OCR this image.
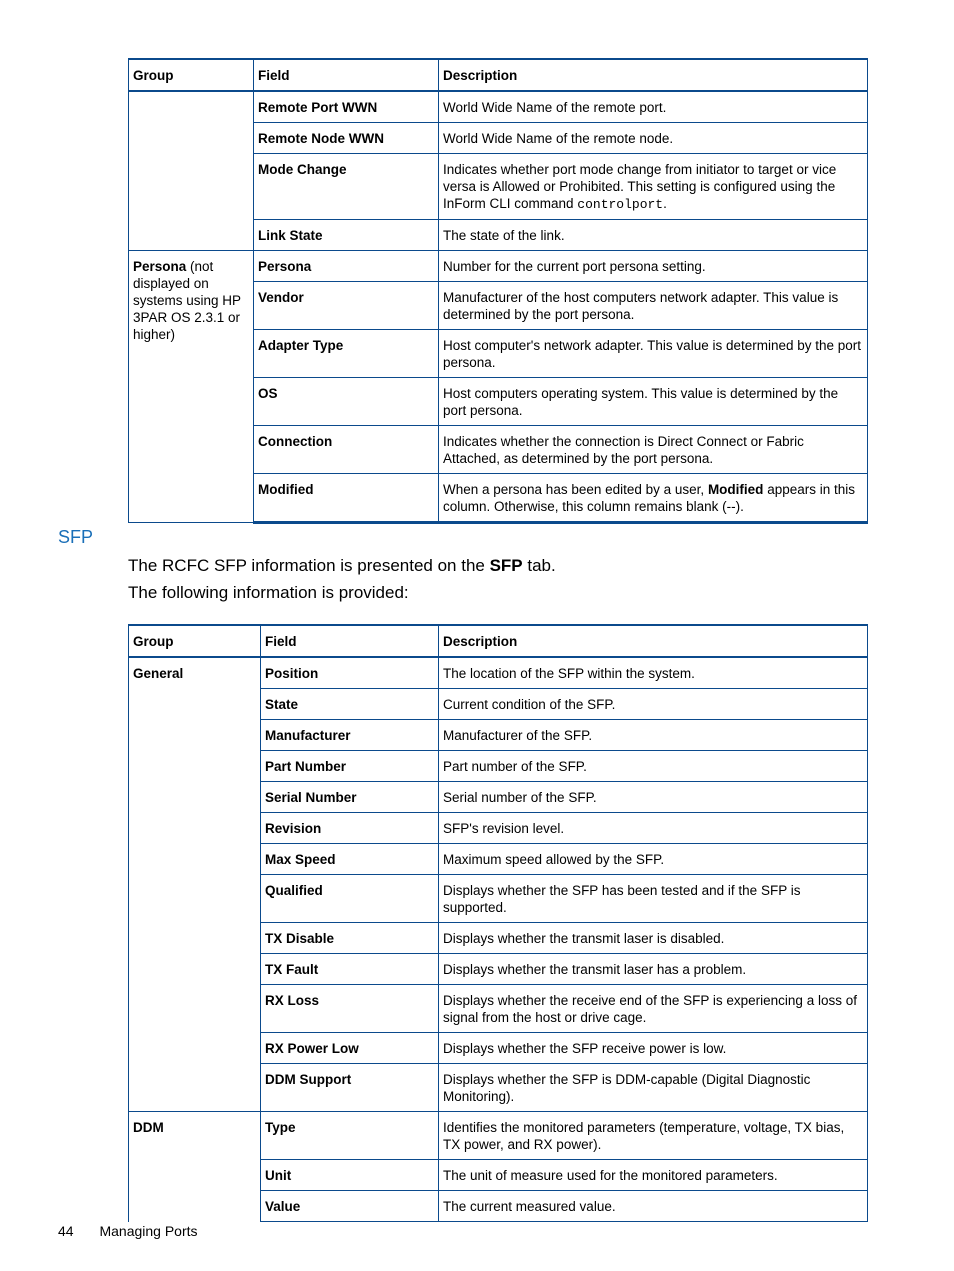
Group	Field	Description
	Remote Port WWN	World Wide Name of the remote port.
	Remote Node WWN	World Wide Name of the remote node.
	Mode Change	Indicates whether port mode change from initiator to target or vice versa is Allowed or Prohibited. This setting is configured using the InForm CLI command controlport.
	Link State	The state of the link.
Persona (not displayed on systems using HP 3PAR OS 2.3.1 or higher)	Persona	Number for the current port persona setting.
	Vendor	Manufacturer of the host computers network adapter. This value is determined by the port persona.
	Adapter Type	Host computer's network adapter. This value is determined by the port persona.
	OS	Host computers operating system. This value is determined by the port persona.
	Connection	Indicates whether the connection is Direct Connect or Fabric Attached, as determined by the port persona.
	Modified	When a persona has been edited by a user, Modified appears in this column. Otherwise, this column remains blank (--).
SFP

The RCFC SFP information is presented on the SFP tab.

The following information is provided:

Group	Field	Description
General	Position	The location of the SFP within the system.
	State	Current condition of the SFP.
	Manufacturer	Manufacturer of the SFP.
	Part Number	Part number of the SFP.
	Serial Number	Serial number of the SFP.
	Revision	SFP's revision level.
	Max Speed	Maximum speed allowed by the SFP.
	Qualified	Displays whether the SFP has been tested and if the SFP is supported.
	TX Disable	Displays whether the transmit laser is disabled.
	TX Fault	Displays whether the transmit laser has a problem.
	RX Loss	Displays whether the receive end of the SFP is experiencing a loss of signal from the host or drive cage.
	RX Power Low	Displays whether the SFP receive power is low.
	DDM Support	Displays whether the SFP is DDM-capable (Digital Diagnostic Monitoring).
DDM	Type	Identifies the monitored parameters (temperature, voltage, TX bias, TX power, and RX power).
	Unit	The unit of measure used for the monitored parameters.
	Value	The current measured value.
44 Managing Ports
